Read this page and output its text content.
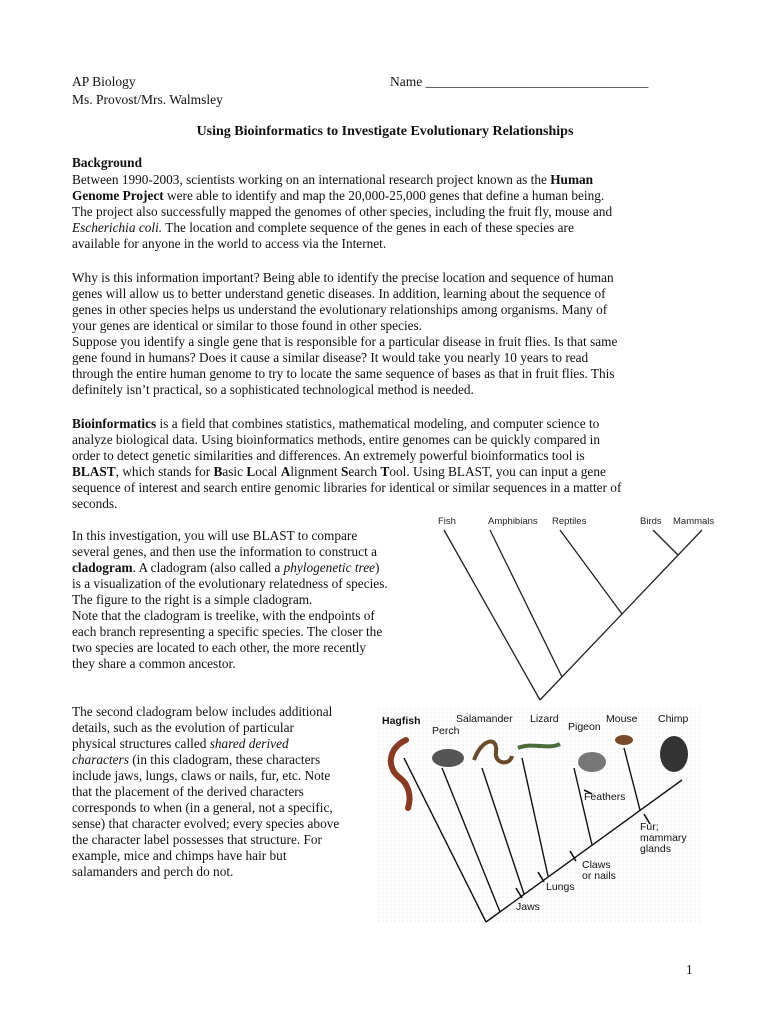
AP Biology
Ms. Provost/Mrs. Walmsley
Name _________________________________
Using Bioinformatics to Investigate Evolutionary Relationships
Background
Between 1990-2003, scientists working on an international research project known as the Human
Genome Project were able to identify and map the 20,000-25,000 genes that define a human being.
The project also successfully mapped the genomes of other species, including the fruit fly, mouse and
Escherichia coli. The location and complete sequence of the genes in each of these species are
available for anyone in the world to access via the Internet.
Why is this information important? Being able to identify the precise location and sequence of human
genes will allow us to better understand genetic diseases. In addition, learning about the sequence of
genes in other species helps us understand the evolutionary relationships among organisms. Many of
your genes are identical or similar to those found in other species.
Suppose you identify a single gene that is responsible for a particular disease in fruit flies. Is that same
gene found in humans? Does it cause a similar disease? It would take you nearly 10 years to read
through the entire human genome to try to locate the same sequence of bases as that in fruit flies. This
definitely isn’t practical, so a sophisticated technological method is needed.
Bioinformatics is a field that combines statistics, mathematical modeling, and computer science to
analyze biological data. Using bioinformatics methods, entire genomes can be quickly compared in
order to detect genetic similarities and differences. An extremely powerful bioinformatics tool is
BLAST, which stands for Basic Local Alignment Search Tool. Using BLAST, you can input a gene
sequence of interest and search entire genomic libraries for identical or similar sequences in a matter of
seconds.
In this investigation, you will use BLAST to compare
several genes, and then use the information to construct a
cladogram. A cladogram (also called a phylogenetic tree)
is a visualization of the evolutionary relatedness of species.
The figure to the right is a simple cladogram.
Note that the cladogram is treelike, with the endpoints of
each branch representing a specific species. The closer the
two species are located to each other, the more recently
they share a common ancestor.
Fish	Amphibians Reptiles	Birds Mammals
The second cladogram below includes additional
details, such as the evolution of particular
physical structures called shared derived
characters (in this cladogram, these characters
include jaws, lungs, claws or nails, fur, etc. Note
that the placement of the derived characters
corresponds to when (in a general, not a specific,
sense) that character evolved; every species above
the character label possesses that structure. For
example, mice and chimps have hair but
salamanders and perch do not.
Hagfish
Perch
Salamander Lizard
Pigeon
Mouse Chimp
Jaws
Lungs
Claws or nails
Feathers
Fur; mammary glands
1
